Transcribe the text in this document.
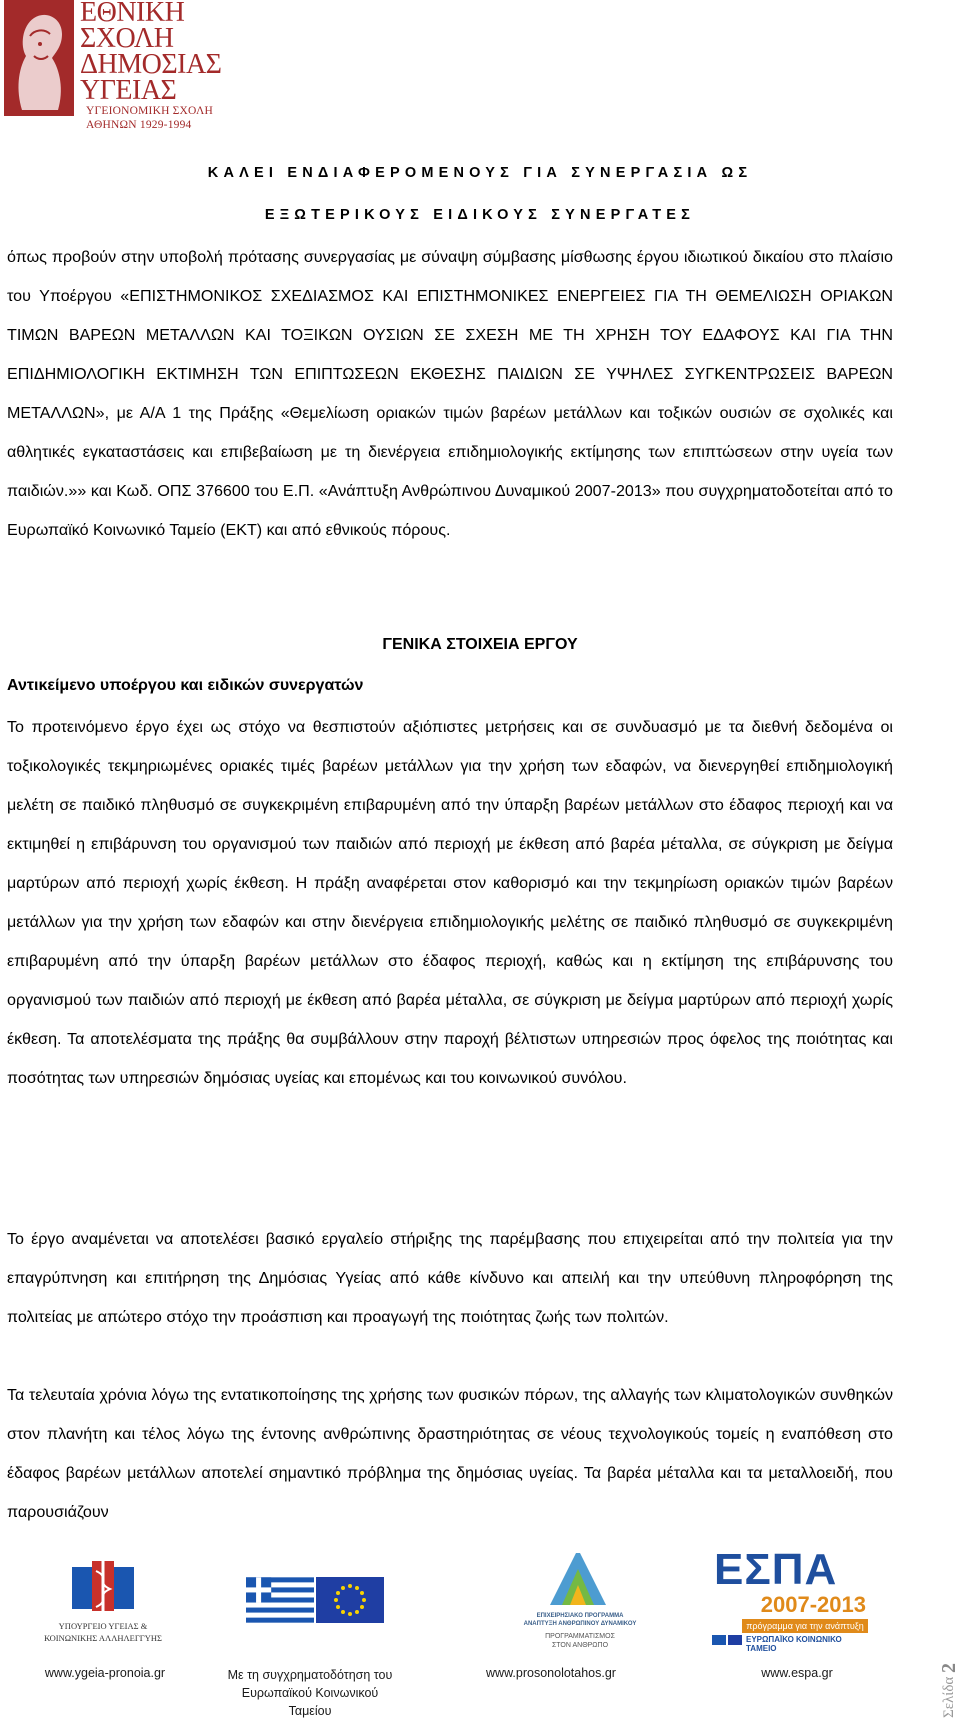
ΕΘΝΙΚΗ
ΣΧΟΛΗ
ΔΗΜΟΣΙΑΣ
ΥΓΕΙΑΣ
ΥΓΕΙΟΝΟΜΙΚΗ ΣΧΟΛΗ
ΑΘΗΝΩΝ 1929-1994
ΚΑΛΕΙ ΕΝΔΙΑΦΕΡΟΜΕΝΟΥΣ ΓΙΑ ΣΥΝΕΡΓΑΣΙΑ ΩΣ
ΕΞΩΤΕΡΙΚΟΥΣ ΕΙΔΙΚΟΥΣ ΣΥΝΕΡΓΑΤΕΣ

όπως προβούν στην υποβολή πρότασης συνεργασίας με σύναψη σύμβασης μίσθωσης έργου ιδιωτικού δικαίου στο πλαίσιο του Υποέργου «ΕΠΙΣΤΗΜΟΝΙΚΟΣ ΣΧΕΔΙΑΣΜΟΣ ΚΑΙ ΕΠΙΣΤΗΜΟΝΙΚΕΣ ΕΝΕΡΓΕΙΕΣ ΓΙΑ ΤΗ ΘΕΜΕΛΙΩΣΗ ΟΡΙΑΚΩΝ ΤΙΜΩΝ ΒΑΡΕΩΝ ΜΕΤΑΛΛΩΝ ΚΑΙ ΤΟΞΙΚΩΝ ΟΥΣΙΩΝ ΣΕ ΣΧΕΣΗ ΜΕ ΤΗ ΧΡΗΣΗ ΤΟΥ ΕΔΑΦΟΥΣ ΚΑΙ ΓΙΑ ΤΗΝ ΕΠΙΔΗΜΙΟΛΟΓΙΚΗ ΕΚΤΙΜΗΣΗ ΤΩΝ ΕΠΙΠΤΩΣΕΩΝ ΕΚΘΕΣΗΣ ΠΑΙΔΙΩΝ ΣΕ ΥΨΗΛΕΣ ΣΥΓΚΕΝΤΡΩΣΕΙΣ ΒΑΡΕΩΝ ΜΕΤΑΛΛΩΝ», με Α/Α 1 της Πράξης «Θεμελίωση οριακών τιμών βαρέων μετάλλων και τοξικών ουσιών σε σχολικές και αθλητικές εγκαταστάσεις και επιβεβαίωση με τη διενέργεια επιδημιολογικής εκτίμησης των επιπτώσεων στην υγεία των παιδιών.»» και Κωδ. ΟΠΣ 376600 του Ε.Π. «Ανάπτυξη Ανθρώπινου Δυναμικού 2007-2013» που συγχρηματοδοτείται από το Ευρωπαϊκό Κοινωνικό Ταμείο (ΕΚΤ) και από εθνικούς πόρους.

ΓΕΝΙΚΑ ΣΤΟΙΧΕΙΑ ΕΡΓΟΥ
Αντικείμενο υποέργου και ειδικών συνεργατών

Το προτεινόμενο έργο έχει ως στόχο να θεσπιστούν αξιόπιστες μετρήσεις και σε συνδυασμό με τα διεθνή δεδομένα οι τοξικολογικές τεκμηριωμένες οριακές τιμές βαρέων μετάλλων για την χρήση των εδαφών, να διενεργηθεί επιδημιολογική μελέτη σε παιδικό πληθυσμό σε συγκεκριμένη επιβαρυμένη από την ύπαρξη βαρέων μετάλλων στο έδαφος περιοχή και να εκτιμηθεί η επιβάρυνση του οργανισμού των παιδιών από περιοχή με έκθεση από βαρέα μέταλλα, σε σύγκριση με δείγμα μαρτύρων από περιοχή χωρίς έκθεση. Η πράξη αναφέρεται στον καθορισμό και την τεκμηρίωση οριακών τιμών βαρέων μετάλλων για την χρήση των εδαφών και στην διενέργεια επιδημιολογικής μελέτης σε παιδικό πληθυσμό σε συγκεκριμένη επιβαρυμένη από την ύπαρξη βαρέων μετάλλων στο έδαφος περιοχή, καθώς και η εκτίμηση της επιβάρυνσης του οργανισμού των παιδιών από περιοχή με έκθεση από βαρέα μέταλλα, σε σύγκριση με δείγμα μαρτύρων από περιοχή χωρίς έκθεση. Τα αποτελέσματα της πράξης θα συμβάλλουν στην παροχή βέλτιστων υπηρεσιών προς όφελος της ποιότητας και ποσότητας των υπηρεσιών δημόσιας υγείας και επομένως και του κοινωνικού συνόλου.

Το έργο αναμένεται να αποτελέσει βασικό εργαλείο στήριξης της παρέμβασης που επιχειρείται από την πολιτεία για την επαγρύπνηση και επιτήρηση της Δημόσιας Υγείας από κάθε κίνδυνο και απειλή και την υπεύθυνη πληροφόρηση της πολιτείας με απώτερο στόχο την προάσπιση και προαγωγή της ποιότητας ζωής των πολιτών.

Τα τελευταία χρόνια λόγω της εντατικοποίησης της χρήσης των φυσικών πόρων, της αλλαγής των κλιματολογικών συνθηκών στον πλανήτη και τέλος λόγω της έντονης ανθρώπινης δραστηριότητας σε νέους τεχνολογικούς τομείς η εναπόθεση στο έδαφος βαρέων μετάλλων αποτελεί σημαντικό πρόβλημα της δημόσιας υγείας. Τα βαρέα μέταλλα και τα μεταλλοειδή, που παρουσιάζουν

ΥΠΟΥΡΓΕΙΟ ΥΓΕΙΑΣ &
ΚΟΙΝΩΝΙΚΗΣ ΑΛΛΗΛΕΓΓΥΗΣ
ΕΠΙΧΕΙΡΗΣΙΑΚΟ ΠΡΟΓΡΑΜΜΑ
ΑΝΑΠΤΥΞΗ ΑΝΘΡΩΠΙΝΟΥ ΔΥΝΑΜΙΚΟΥ
ΠΡΟΓΡΑΜΜΑΤΙΣΜΟΣ
ΣΤΟΝ ΑΝΘΡΩΠΟ
ΕΣΠΑ
2007-2013
πρόγραμμα για την ανάπτυξη
ΕΥΡΩΠΑΪΚΟ ΚΟΙΝΩΝΙΚΟ ΤΑΜΕΙΟ
www.ygeia-pronoia.gr	Με τη συγχρηματοδότηση του
Ευρωπαϊκού Κοινωνικού
Ταμείου
www.prosonolotahos.gr	www.espa.gr
Σελίδα 2
